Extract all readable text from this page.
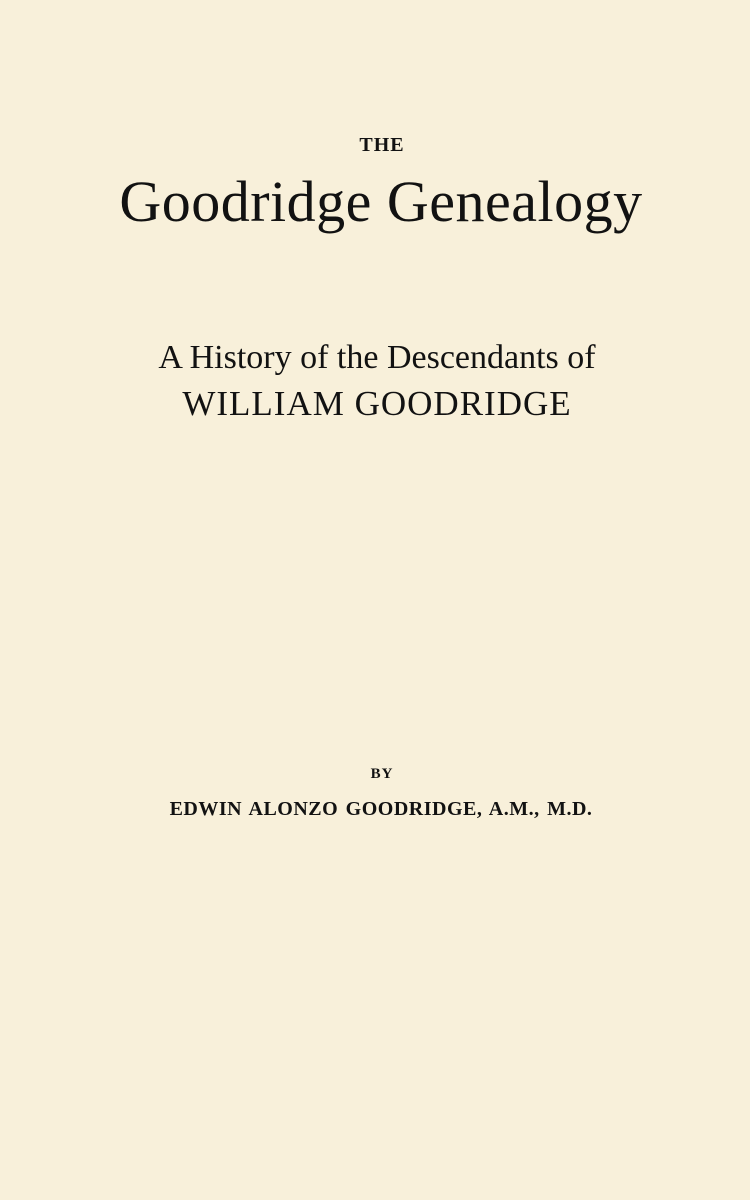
THE
Goodridge Genealogy
A History of the Descendants of
WILLIAM GOODRIDGE
BY
EDWIN ALONZO GOODRIDGE, A.M., M.D.
